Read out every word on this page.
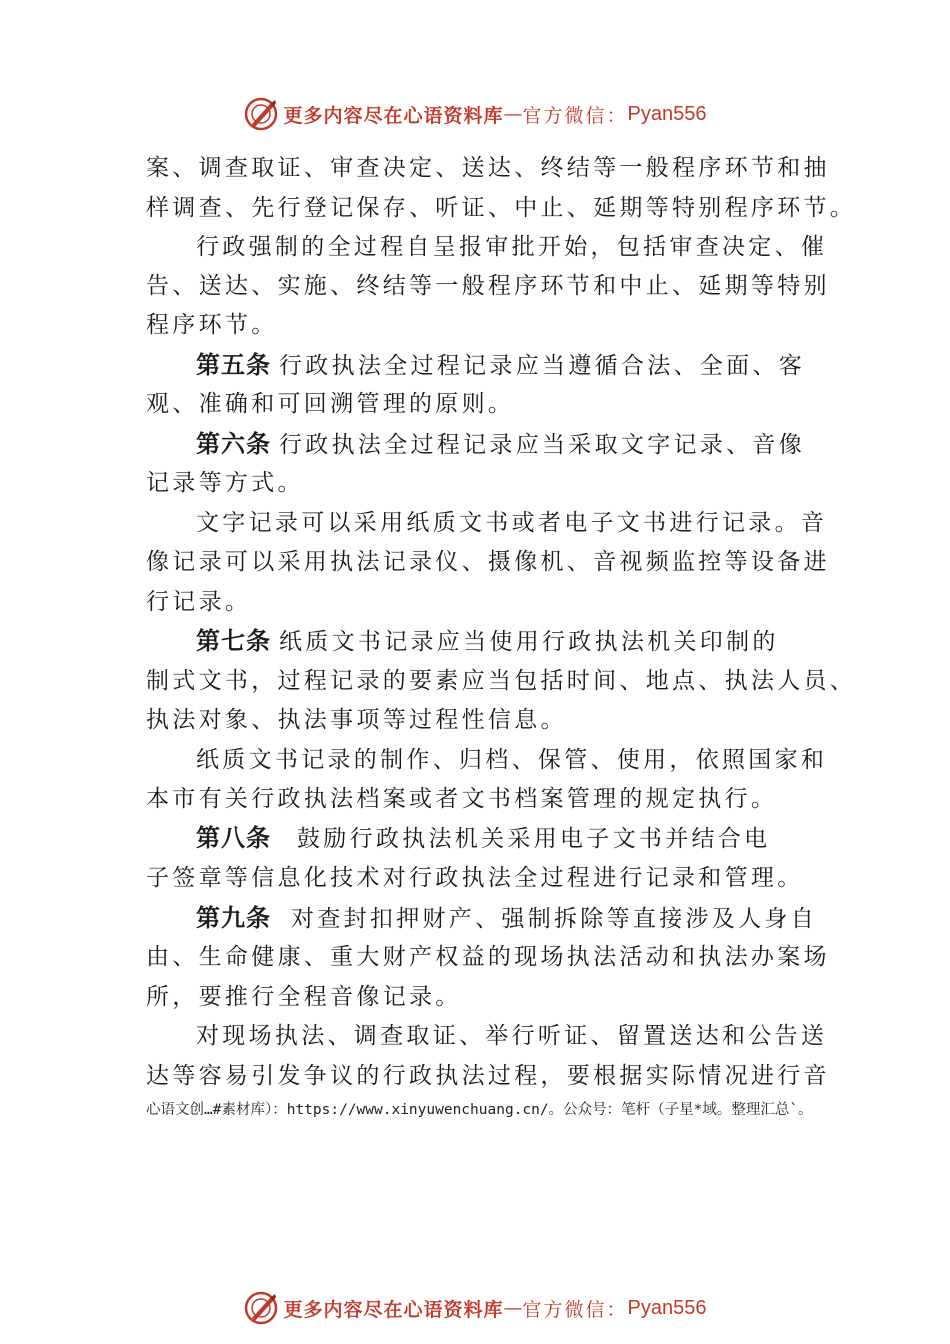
更多内容尽在心语资料库 — 官方微信： Pyan556
案、调查取证、审查决定、送达、终结等一般程序环节和抽
样调查、先行登记保存、听证、中止、延期等特别程序环节。
行政强制的全过程自呈报审批开始，包括审查决定、催
告、送达、实施、终结等一般程序环节和中止、延期等特别
程序环节。
第五条 行政执法全过程记录应当遵循合法、全面、客
观、准确和可回溯管理的原则。
第六条 行政执法全过程记录应当采取文字记录、音像
记录等方式。
文字记录可以采用纸质文书或者电子文书进行记录。音
像记录可以采用执法记录仪、摄像机、音视频监控等设备进
行记录。
第七条 纸质文书记录应当使用行政执法机关印制的
制式文书，过程记录的要素应当包括时间、地点、执法人员、
执法对象、执法事项等过程性信息。
纸质文书记录的制作、归档、保管、使用，依照国家和
本市有关行政执法档案或者文书档案管理的规定执行。
第八条 鼓励行政执法机关采用电子文书并结合电
子签章等信息化技术对行政执法全过程进行记录和管理。
第九条 对查封扣押财产、强制拆除等直接涉及人身自
由、生命健康、重大财产权益的现场执法活动和执法办案场
所，要推行全程音像记录。
对现场执法、调查取证、举行听证、留置送达和公告送
达等容易引发争议的行政执法过程，要根据实际情况进行音
心语文创…#素材库）：https://www.xinyuwenchuang.cn/。公众号：笔杆（子星*域。整理汇总`。
更多内容尽在心语资料库 — 官方微信： Pyan556
